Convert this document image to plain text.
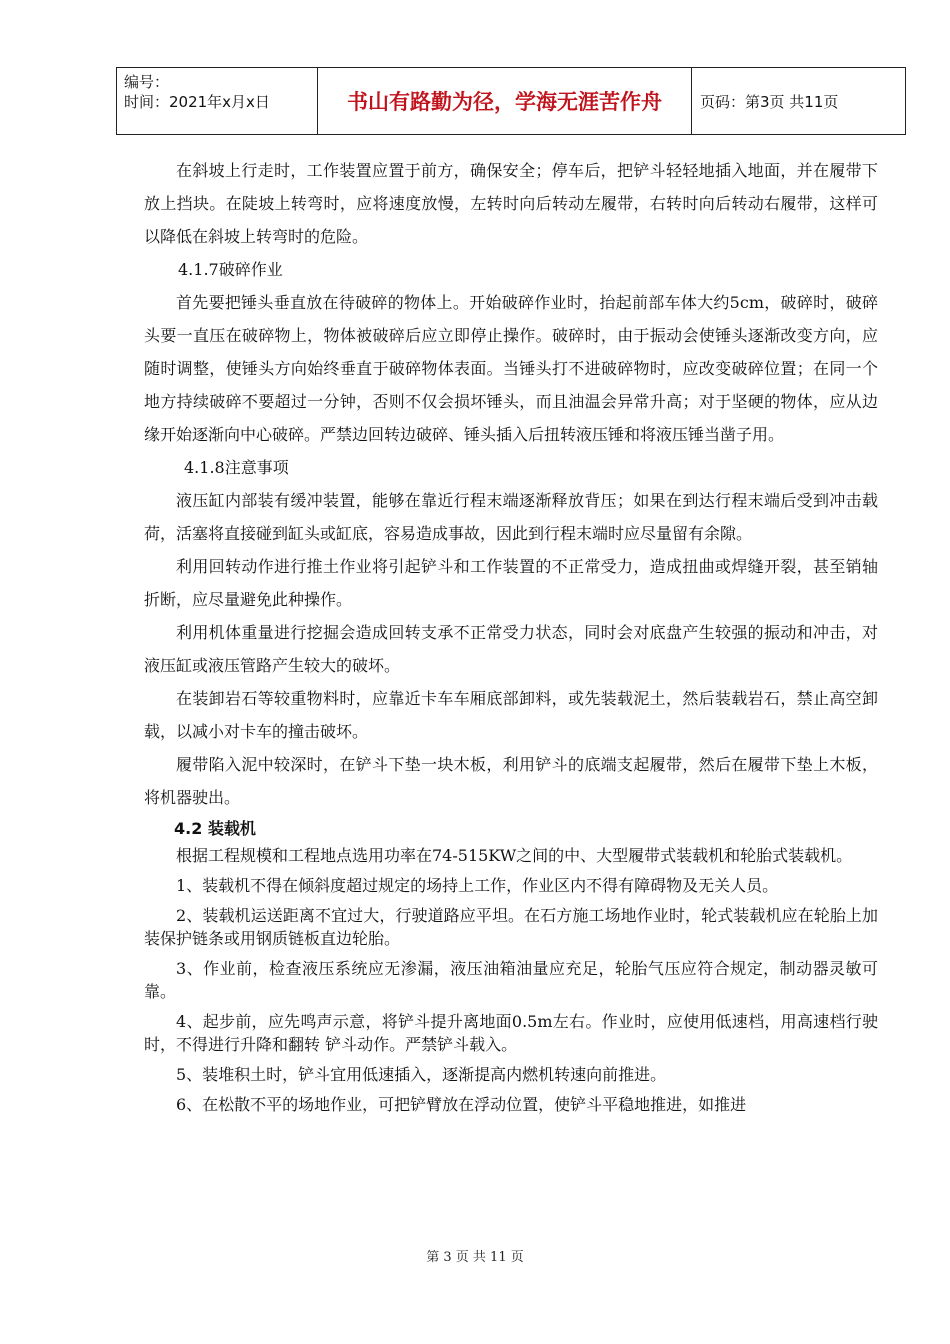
编号：
时间：2021年x月x日	书山有路勤为径，学海无涯苦作舟	页码：第3页 共11页

在斜坡上行走时，工作装置应置于前方，确保安全；停车后，把铲斗轻轻地插入地面，并在履带下放上挡块。在陡坡上转弯时，应将速度放慢，左转时向后转动左履带，右转时向后转动右履带，这样可以降低在斜坡上转弯时的危险。

4.1.7破碎作业

首先要把锤头垂直放在待破碎的物体上。开始破碎作业时，抬起前部车体大约5cm，破碎时，破碎头要一直压在破碎物上，物体被破碎后应立即停止操作。破碎时，由于振动会使锤头逐渐改变方向，应随时调整，使锤头方向始终垂直于破碎物体表面。当锤头打不进破碎物时，应改变破碎位置；在同一个地方持续破碎不要超过一分钟，否则不仅会损坏锤头，而且油温会异常升高；对于坚硬的物体，应从边缘开始逐渐向中心破碎。严禁边回转边破碎、锤头插入后扭转液压锤和将液压锤当凿子用。

4.1.8注意事项

液压缸内部装有缓冲装置，能够在靠近行程末端逐渐释放背压；如果在到达行程末端后受到冲击载荷，活塞将直接碰到缸头或缸底，容易造成事故，因此到行程末端时应尽量留有余隙。

利用回转动作进行推土作业将引起铲斗和工作装置的不正常受力，造成扭曲或焊缝开裂，甚至销轴折断，应尽量避免此种操作。

利用机体重量进行挖掘会造成回转支承不正常受力状态，同时会对底盘产生较强的振动和冲击，对液压缸或液压管路产生较大的破坏。

在装卸岩石等较重物料时，应靠近卡车车厢底部卸料，或先装载泥土，然后装载岩石，禁止高空卸载，以减小对卡车的撞击破坏。

履带陷入泥中较深时，在铲斗下垫一块木板，利用铲斗的底端支起履带，然后在履带下垫上木板，将机器驶出。

4.2 装载机

根据工程规模和工程地点选用功率在74-515KW之间的中、大型履带式装载机和轮胎式装载机。

1、装载机不得在倾斜度超过规定的场持上工作，作业区内不得有障碍物及无关人员。

2、装载机运送距离不宜过大，行驶道路应平坦。在石方施工场地作业时，轮式装载机应在轮胎上加装保护链条或用钢质链板直边轮胎。

3、作业前，检查液压系统应无渗漏，液压油箱油量应充足，轮胎气压应符合规定，制动器灵敏可靠。

4、起步前，应先鸣声示意，将铲斗提升离地面0.5m左右。作业时，应使用低速档，用高速档行驶时，不得进行升降和翻转 铲斗动作。严禁铲斗载入。

5、装堆积土时，铲斗宜用低速插入，逐渐提高内燃机转速向前推进。

6、在松散不平的场地作业，可把铲臂放在浮动位置，使铲斗平稳地推进，如推进

第 3 页 共 11 页
